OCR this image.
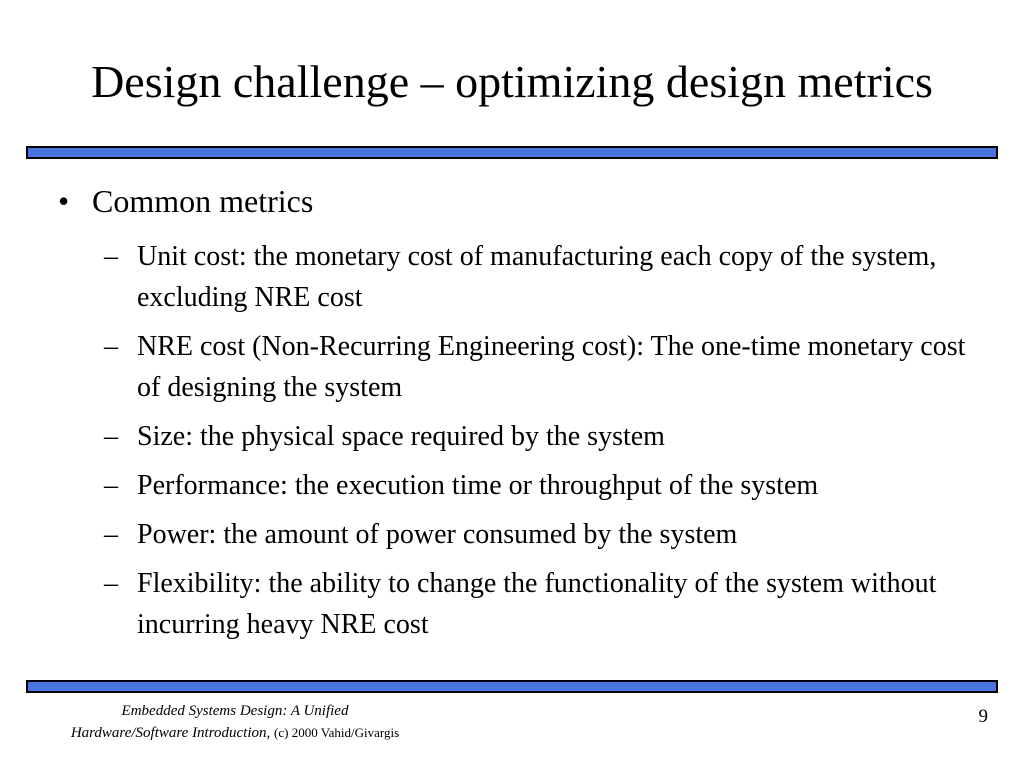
Design challenge – optimizing design metrics
• Common metrics
– Unit cost: the monetary cost of manufacturing each copy of the system, excluding NRE cost
– NRE cost (Non-Recurring Engineering cost): The one-time monetary cost of designing the system
– Size: the physical space required by the system
– Performance: the execution time or throughput of the system
– Power: the amount of power consumed by the system
– Flexibility: the ability to change the functionality of the system without incurring heavy NRE cost
Embedded Systems Design: A Unified
Hardware/Software Introduction, (c) 2000 Vahid/Givargis
9
